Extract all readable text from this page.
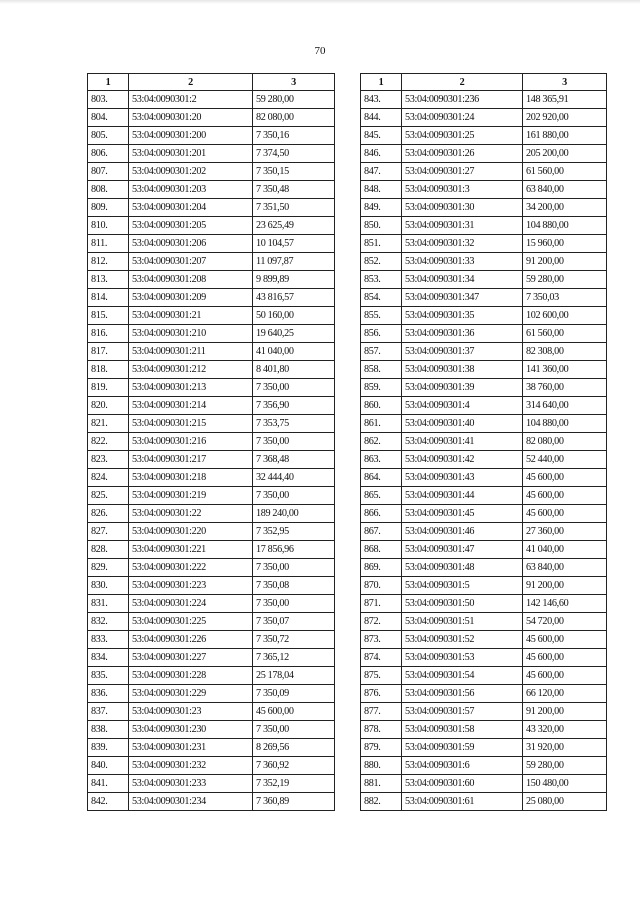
70
1	2	3
803.	53:04:0090301:2	59 280,00
804.	53:04:0090301:20	82 080,00
805.	53:04:0090301:200	7 350,16
806.	53:04:0090301:201	7 374,50
807.	53:04:0090301:202	7 350,15
808.	53:04:0090301:203	7 350,48
809.	53:04:0090301:204	7 351,50
810.	53:04:0090301:205	23 625,49
811.	53:04:0090301:206	10 104,57
812.	53:04:0090301:207	11 097,87
813.	53:04:0090301:208	9 899,89
814.	53:04:0090301:209	43 816,57
815.	53:04:0090301:21	50 160,00
816.	53:04:0090301:210	19 640,25
817.	53:04:0090301:211	41 040,00
818.	53:04:0090301:212	8 401,80
819.	53:04:0090301:213	7 350,00
820.	53:04:0090301:214	7 356,90
821.	53:04:0090301:215	7 353,75
822.	53:04:0090301:216	7 350,00
823.	53:04:0090301:217	7 368,48
824.	53:04:0090301:218	32 444,40
825.	53:04:0090301:219	7 350,00
826.	53:04:0090301:22	189 240,00
827.	53:04:0090301:220	7 352,95
828.	53:04:0090301:221	17 856,96
829.	53:04:0090301:222	7 350,00
830.	53:04:0090301:223	7 350,08
831.	53:04:0090301:224	7 350,00
832.	53:04:0090301:225	7 350,07
833.	53:04:0090301:226	7 350,72
834.	53:04:0090301:227	7 365,12
835.	53:04:0090301:228	25 178,04
836.	53:04:0090301:229	7 350,09
837.	53:04:0090301:23	45 600,00
838.	53:04:0090301:230	7 350,00
839.	53:04:0090301:231	8 269,56
840.	53:04:0090301:232	7 360,92
841.	53:04:0090301:233	7 352,19
842.	53:04:0090301:234	7 360,89
1	2	3
843.	53:04:0090301:236	148 365,91
844.	53:04:0090301:24	202 920,00
845.	53:04:0090301:25	161 880,00
846.	53:04:0090301:26	205 200,00
847.	53:04:0090301:27	61 560,00
848.	53:04:0090301:3	63 840,00
849.	53:04:0090301:30	34 200,00
850.	53:04:0090301:31	104 880,00
851.	53:04:0090301:32	15 960,00
852.	53:04:0090301:33	91 200,00
853.	53:04:0090301:34	59 280,00
854.	53:04:0090301:347	7 350,03
855.	53:04:0090301:35	102 600,00
856.	53:04:0090301:36	61 560,00
857.	53:04:0090301:37	82 308,00
858.	53:04:0090301:38	141 360,00
859.	53:04:0090301:39	38 760,00
860.	53:04:0090301:4	314 640,00
861.	53:04:0090301:40	104 880,00
862.	53:04:0090301:41	82 080,00
863.	53:04:0090301:42	52 440,00
864.	53:04:0090301:43	45 600,00
865.	53:04:0090301:44	45 600,00
866.	53:04:0090301:45	45 600,00
867.	53:04:0090301:46	27 360,00
868.	53:04:0090301:47	41 040,00
869.	53:04:0090301:48	63 840,00
870.	53:04:0090301:5	91 200,00
871.	53:04:0090301:50	142 146,60
872.	53:04:0090301:51	54 720,00
873.	53:04:0090301:52	45 600,00
874.	53:04:0090301:53	45 600,00
875.	53:04:0090301:54	45 600,00
876.	53:04:0090301:56	66 120,00
877.	53:04:0090301:57	91 200,00
878.	53:04:0090301:58	43 320,00
879.	53:04:0090301:59	31 920,00
880.	53:04:0090301:6	59 280,00
881.	53:04:0090301:60	150 480,00
882.	53:04:0090301:61	25 080,00
